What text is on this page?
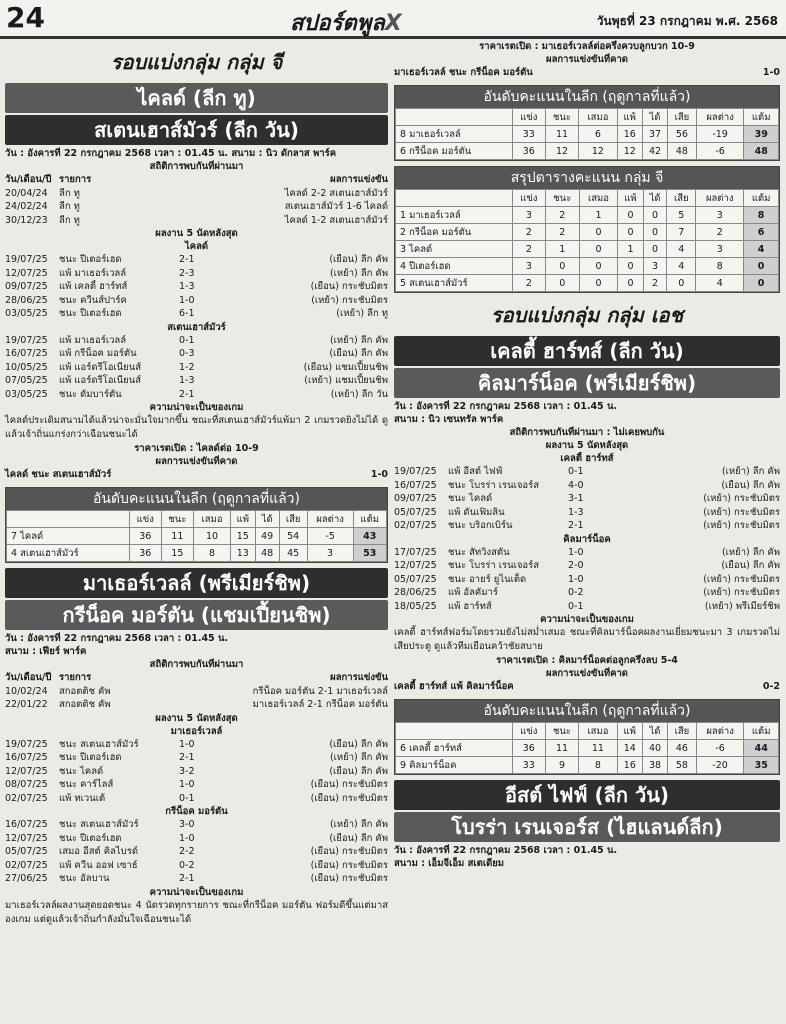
24	สปอร์ตพูลX	วันพุธที่ 23 กรกฎาคม พ.ศ. 2568
รอบแบ่งกลุ่ม กลุ่ม จี
ไคลด์ (ลีก ทู)
สเตนเฮาส์มัวร์ (ลีก วัน)
วัน : อังคารที่ 22 กรกฎาคม 2568 เวลา : 01.45 น. สนาม : นิว ดักลาส พาร์ค
สถิติการพบกันที่ผ่านมา
วัน/เดือน/ปี รายการ	ผลการแข่งขัน
20/04/24	ลีก ทู	ไคลด์ 2-2 สเตนเฮาส์มัวร์
24/02/24	ลีก ทู	สเตนเฮาส์มัวร์ 1-6 ไคลด์
30/12/23	ลีก ทู	ไคลด์ 1-2 สเตนเฮาส์มัวร์
ผลงาน 5 นัดหลังสุด
ไคลด์
19/07/25	ชนะ ปีเตอร์เฮด	2-1	(เยือน) ลีก คัพ
12/07/25	แพ้ มาเธอร์เวลล์	2-3	(เหย้า) ลีก คัพ
09/07/25	แพ้ เคลตี้ ฮาร์ทส์	1-3	(เยือน) กระชับมิตร
28/06/25	ชนะ ควีนส์ปาร์ค	1-0	(เหย้า) กระชับมิตร
03/05/25	ชนะ ปีเตอร์เฮด	6-1	(เหย้า) ลีก ทู
สเตนเฮาส์มัวร์
19/07/25	แพ้ มาเธอร์เวลล์	0-1	(เหย้า) ลีก คัพ
16/07/25	แพ้ กรีน็อค มอร์ตัน	0-3	(เยือน) ลีก คัพ
10/05/25	แพ้ แอร์ดรีโอเนียนส์	1-2	(เยือน) แชมเปี้ยนชิพ
07/05/25	แพ้ แอร์ดรีโอเนียนส์	1-3	(เหย้า) แชมเปี้ยนชิพ
03/05/25	ชนะ ดัมบาร์ตัน	2-1	(เหย้า) ลีก วัน
ความน่าจะเป็นของเกม
ไคลด์ประเดิมสนามได้แล้วน่าจะมั่นใจมากขึ้น ชณะที่สเตนเฮาส์มัวร์แพ้มา 2 เกมรวดยิงไม่ได้ ดูแล้วเจ้าถิ่นแกร่งกว่าเฉือนชนะได้
ราคาเรตเปิด : ไคลด์ต่อ 10-9
ผลการแข่งขันที่คาด
ไคลด์ ชนะ สเตนเฮาส์มัวร์	1-0
อันดับคะแนนในลีก (ฤดูกาลที่แล้ว)
	แข่ง	ชนะ	เสมอ	แพ้	ได้	เสีย	ผลต่าง	แต้ม
7 ไคลด์	36	11	10	15	49	54	-5	43
4 สเตนเฮาส์มัวร์	36	15	8	13	48	45	3	53
มาเธอร์เวลล์ (พรีเมียร์ชิพ)
กรีน็อค มอร์ตัน (แชมเปี้ยนชิพ)
วัน : อังคารที่ 22 กรกฎาคม 2568 เวลา : 01.45 น.
สนาม : เฟียร์ พาร์ค
สถิติการพบกันที่ผ่านมา
วัน/เดือน/ปี รายการ	ผลการแข่งขัน
10/02/24	สกอตติช คัพ	กรีน็อค มอร์ตัน 2-1 มาเธอร์เวลล์
22/01/22	สกอตติช คัพ	มาเธอร์เวลล์ 2-1 กรีน็อค มอร์ตัน
ผลงาน 5 นัดหลังสุด
มาเธอร์เวลล์
19/07/25	ชนะ สเตนเฮาส์มัวร์	1-0	(เยือน) ลีก คัพ
16/07/25	ชนะ ปีเตอร์เฮด	2-1	(เหย้า) ลีก คัพ
12/07/25	ชนะ ไคลด์	3-2	(เยือน) ลีก คัพ
08/07/25	ชนะ คาร์ไลส์	1-0	(เยือน) กระชับมิตร
02/07/25	แพ้ ทเวนเต้	0-1	(เยือน) กระชับมิตร
กรีน็อค มอร์ตัน
16/07/25	ชนะ สเตนเฮาส์มัวร์	3-0	(เหย้า) ลีก คัพ
12/07/25	ชนะ ปีเตอร์เฮด	1-0	(เยือน) ลีก คัพ
05/07/25	เสมอ อีสต์ คิลไบรด์	2-2	(เยือน) กระชับมิตร
02/07/25	แพ้ ควีน ออฟ เซาธ์	0-2	(เยือน) กระชับมิตร
27/06/25	ชนะ อัลบาน	2-1	(เยือน) กระชับมิตร
ความน่าจะเป็นของเกม
มาเธอร์เวลล์ผลงานสุดยอดชนะ 4 นัดรวดทุกรายการ ชณะที่กรีน็อค มอร์ตัน ฟอร์มดีขึ้นแต่มาสองเกม แต่ดูแล้วเจ้าถิ่นกำลังมั่นใจเฉือนชนะได้
ราคาเรตเปิด : มาเธอร์เวลล์ต่อครึ่งควบลูกบวก 10-9
ผลการแข่งขันที่คาด
มาเธอร์เวลล์ ชนะ กรีน็อค มอร์ตัน	1-0
อันดับคะแนนในลีก (ฤดูกาลที่แล้ว)
	แข่ง	ชนะ	เสมอ	แพ้	ได้	เสีย	ผลต่าง	แต้ม
8 มาเธอร์เวลล์	33	11	6	16	37	56	-19	39
6 กรีน็อค มอร์ตัน	36	12	12	12	42	48	-6	48
สรุปตารางคะแนน กลุ่ม จี
	แข่ง	ชนะ	เสมอ	แพ้	ได้	เสีย	ผลต่าง	แต้ม
1 มาเธอร์เวลล์	3	2	1	0	0	5	3	8
2 กรีน็อค มอร์ตัน	2	2	0	0	0	7	2	6
3 ไคลด์	2	1	0	1	0	4	3	4
4 ปีเตอร์เฮด	3	0	0	0	3	4	8	0
5 สเตนเฮาส์มัวร์	2	0	0	0	2	0	4	0
รอบแบ่งกลุ่ม กลุ่ม เอช
เคลตี้ ฮาร์ทส์ (ลีก วัน)
คิลมาร์น็อค (พรีเมียร์ชิพ)
วัน : อังคารที่ 22 กรกฎาคม 2568 เวลา : 01.45 น.
สนาม : นิว เซนทรัล พาร์ค
สถิติการพบกันที่ผ่านมา : ไม่เคยพบกัน
ผลงาน 5 นัดหลังสุด
เคลตี้ ฮาร์ทส์
19/07/25	แพ้ อีสต์ ไฟฟ์	0-1	(เหย้า) ลีก คัพ
16/07/25	ชนะ โบรร่า เรนเจอร์ส	4-0	(เยือน) ลีก คัพ
09/07/25	ชนะ ไคลด์	3-1	(เหย้า) กระชับมิตร
05/07/25	แพ้ ดันเฟิมลิน	1-3	(เหย้า) กระชับมิตร
02/07/25	ชนะ บริอกเบิร์น	2-1	(เหย้า) กระชับมิตร
คิลมาร์น็อค
17/07/25	ชนะ สัทวิงสตัน	1-0	(เหย้า) ลีก คัพ
12/07/25	ชนะ โบรร่า เรนเจอร์ส	2-0	(เยือน) ลีก คัพ
05/07/25	ชนะ อายร์ ยูไนเต็ด	1-0	(เหย้า) กระชับมิตร
28/06/25	แพ้ อัลคัมาร์	0-2	(เหย้า) กระชับมิตร
18/05/25	แพ้ ฮาร์ทส์	0-1	(เหย้า) พรีเมียร์ชิพ
ความน่าจะเป็นของเกม
เคลตี้ ฮาร์ทส์ฟอร์มโดยรวมยังไม่สม่ำเสมอ ชณะที่คิลมาร์น็อคผลงานเยี่ยมชนะมา 3 เกมรวดไม่เสียประตู ดูแล้วทีมเยือนคว้าชัยสบาย
ราคาเรตเปิด : คิลมาร์น็อคต่อลูกครึ่งลบ 5-4
ผลการแข่งขันที่คาด
เคลตี้ ฮาร์ทส์ แพ้ คิลมาร์น็อค	0-2
อันดับคะแนนในลีก (ฤดูกาลที่แล้ว)
	แข่ง	ชนะ	เสมอ	แพ้	ได้	เสีย	ผลต่าง	แต้ม
6 เคลตี้ ฮาร์ทส์	36	11	11	14	40	46	-6	44
9 คิลมาร์น็อค	33	9	8	16	38	58	-20	35
อีสต์ ไฟฟ์ (ลีก วัน)
โบรร่า เรนเจอร์ส (ไฮแลนด์ลีก)
วัน : อังคารที่ 22 กรกฎาคม 2568 เวลา : 01.45 น.
สนาม : เอ็มจีเอ็ม สเตเดียม
